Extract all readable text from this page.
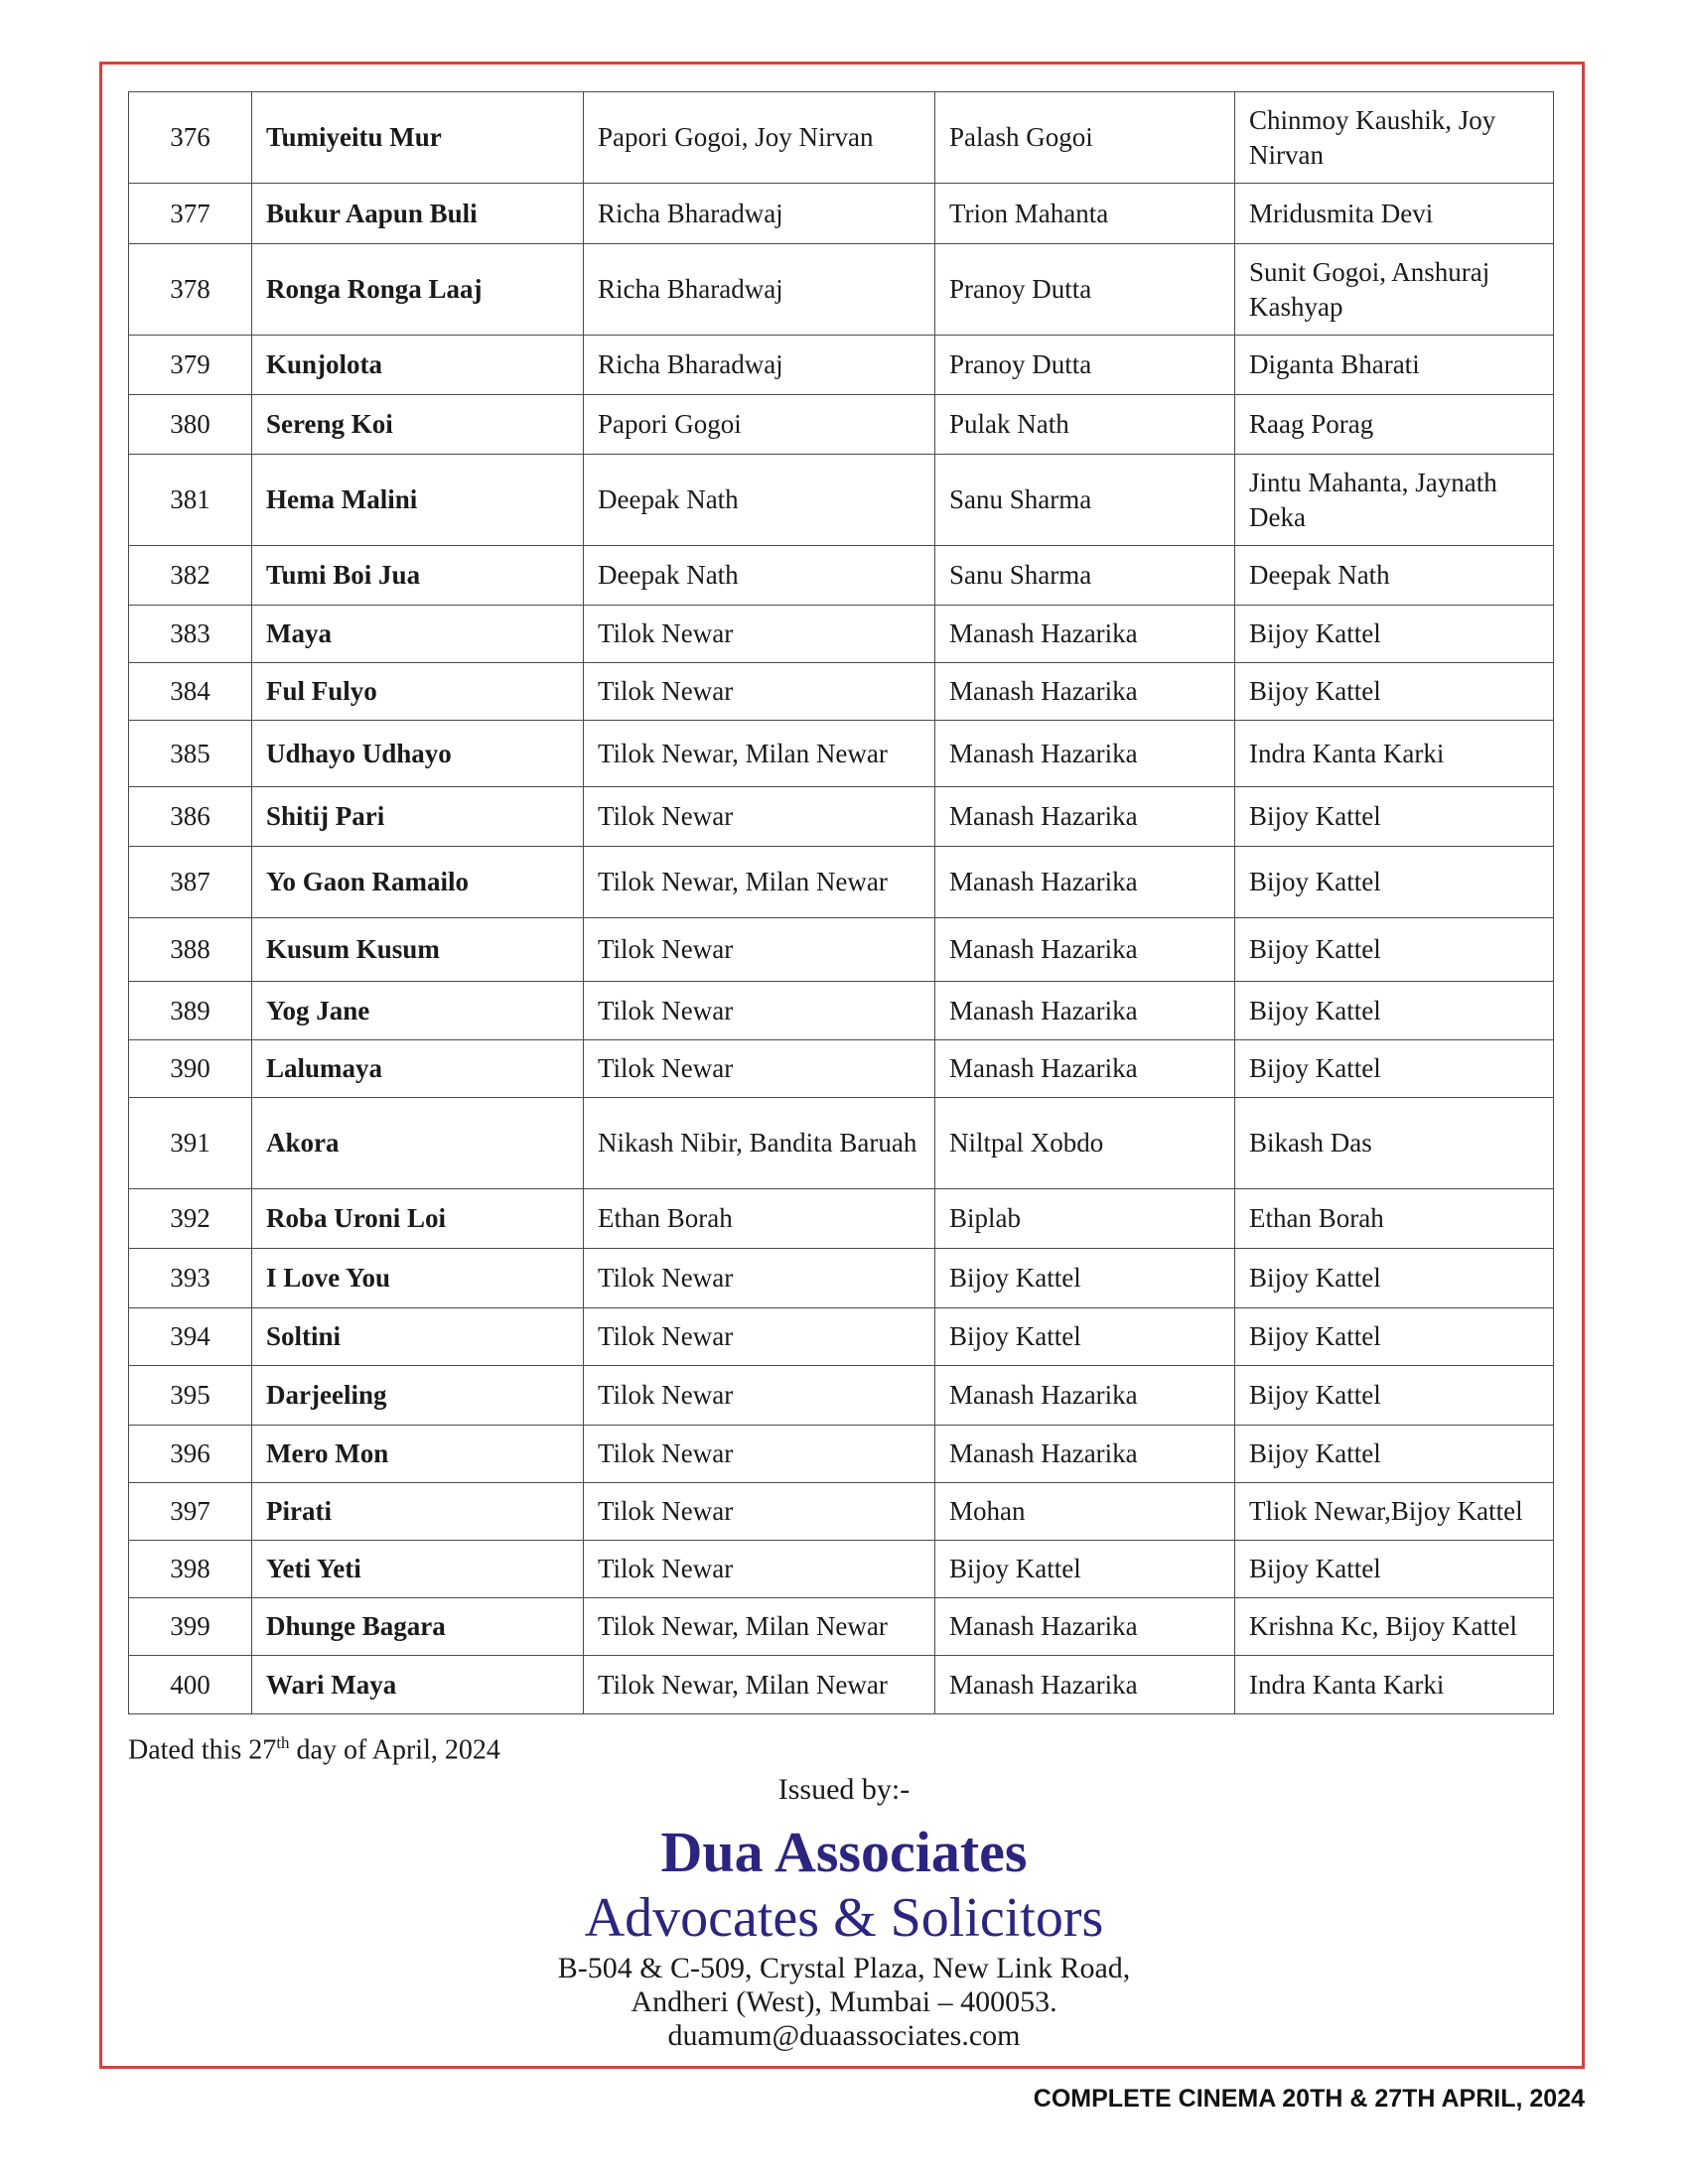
376	Tumiyeitu Mur	Papori Gogoi, Joy Nirvan	Palash Gogoi	Chinmoy Kaushik, Joy Nirvan
377	Bukur Aapun Buli	Richa Bharadwaj	Trion Mahanta	Mridusmita Devi
378	Ronga Ronga Laaj	Richa Bharadwaj	Pranoy Dutta	Sunit Gogoi, Anshuraj Kashyap
379	Kunjolota	Richa Bharadwaj	Pranoy Dutta	Diganta Bharati
380	Sereng Koi	Papori Gogoi	Pulak Nath	Raag Porag
381	Hema Malini	Deepak Nath	Sanu Sharma	Jintu Mahanta, Jaynath Deka
382	Tumi Boi Jua	Deepak Nath	Sanu Sharma	Deepak Nath
383	Maya	Tilok Newar	Manash Hazarika	Bijoy Kattel
384	Ful Fulyo	Tilok Newar	Manash Hazarika	Bijoy Kattel
385	Udhayo Udhayo	Tilok Newar, Milan Newar	Manash Hazarika	Indra Kanta Karki
386	Shitij Pari	Tilok Newar	Manash Hazarika	Bijoy Kattel
387	Yo Gaon Ramailo	Tilok Newar, Milan Newar	Manash Hazarika	Bijoy Kattel
388	Kusum Kusum	Tilok Newar	Manash Hazarika	Bijoy Kattel
389	Yog Jane	Tilok Newar	Manash Hazarika	Bijoy Kattel
390	Lalumaya	Tilok Newar	Manash Hazarika	Bijoy Kattel
391	Akora	Nikash Nibir, Bandita Baruah	Niltpal Xobdo	Bikash Das
392	Roba Uroni Loi	Ethan Borah	Biplab	Ethan Borah
393	I Love You	Tilok Newar	Bijoy Kattel	Bijoy Kattel
394	Soltini	Tilok Newar	Bijoy Kattel	Bijoy Kattel
395	Darjeeling	Tilok Newar	Manash Hazarika	Bijoy Kattel
396	Mero Mon	Tilok Newar	Manash Hazarika	Bijoy Kattel
397	Pirati	Tilok Newar	Mohan	Tliok Newar,Bijoy Kattel
398	Yeti Yeti	Tilok Newar	Bijoy Kattel	Bijoy Kattel
399	Dhunge Bagara	Tilok Newar, Milan Newar	Manash Hazarika	Krishna Kc, Bijoy Kattel
400	Wari Maya	Tilok Newar, Milan Newar	Manash Hazarika	Indra Kanta Karki
Dated this 27th day of April, 2024
Issued by:-
Dua Associates
Advocates & Solicitors
B-504 & C-509, Crystal Plaza, New Link Road,
Andheri (West), Mumbai – 400053.
duamum@duaassociates.com
COMPLETE CINEMA 20TH & 27TH APRIL, 2024
